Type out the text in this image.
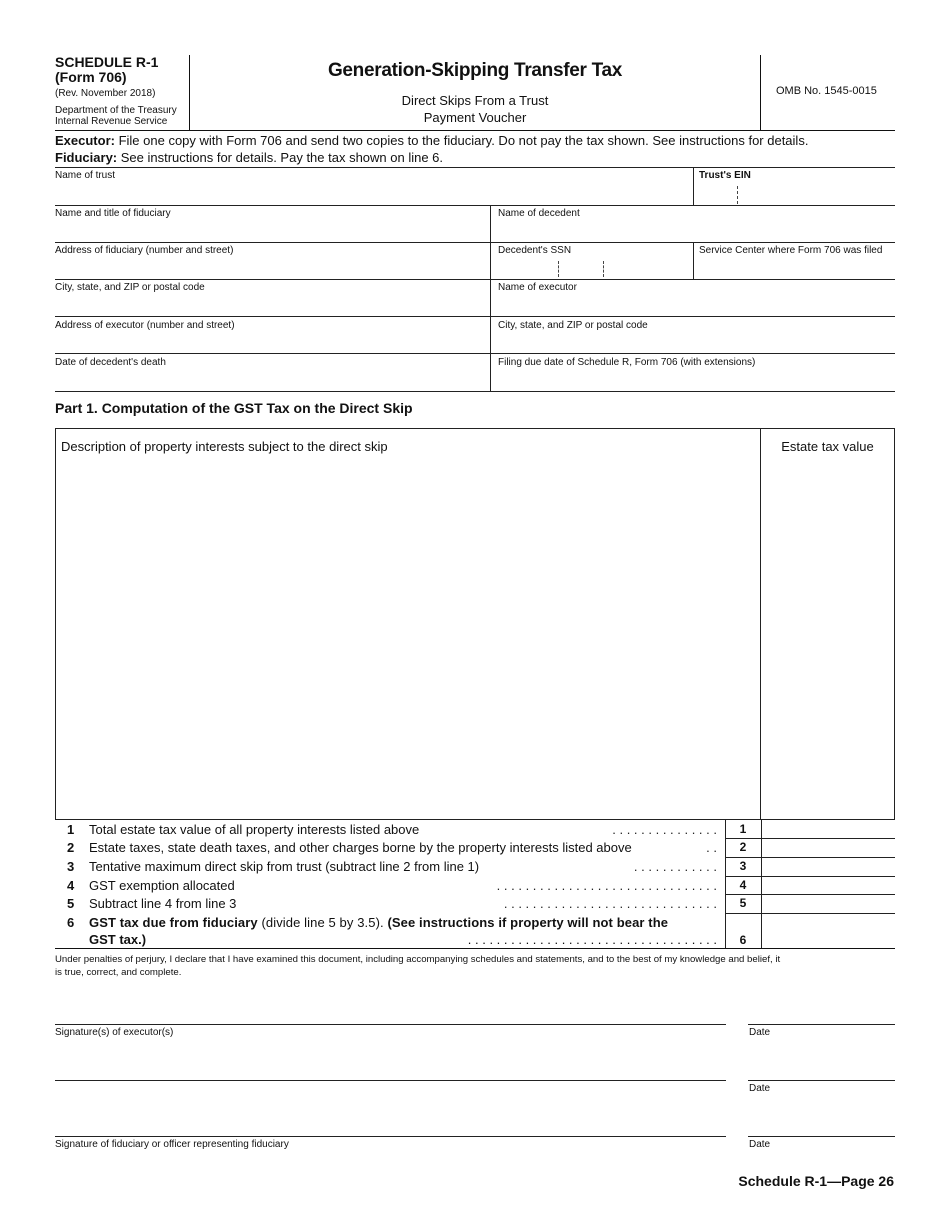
SCHEDULE R-1
(Form 706)
(Rev. November 2018)
Department of the Treasury
Internal Revenue Service
Generation-Skipping Transfer Tax
Direct Skips From a Trust
Payment Voucher
OMB No. 1545-0015
Executor: File one copy with Form 706 and send two copies to the fiduciary. Do not pay the tax shown. See instructions for details.
Fiduciary: See instructions for details. Pay the tax shown on line 6.
Name of trust	Trust's EIN
Name and title of fiduciary	Name of decedent
Address of fiduciary (number and street)	Decedent's SSN	Service Center where Form 706 was filed
City, state, and ZIP or postal code	Name of executor
Address of executor (number and street)	City, state, and ZIP or postal code
Date of decedent's death	Filing due date of Schedule R, Form 706 (with extensions)
Part 1. Computation of the GST Tax on the Direct Skip
Description of property interests subject to the direct skip	Estate tax value
1	Total estate tax value of all property interests listed above	. . . . . . . . . . . . . . .	1
2	Estate taxes, state death taxes, and other charges borne by the property interests listed above	. .	2
3	Tentative maximum direct skip from trust (subtract line 2 from line 1)	. . . . . . . . . . . .	3
4	GST exemption allocated	. . . . . . . . . . . . . . . . . . . . . . . . . . . . . . .	4
5	Subtract line 4 from line 3	. . . . . . . . . . . . . . . . . . . . . . . . . . . . . .	5
6 GST tax due from fiduciary (divide line 5 by 3.5). (See instructions if property will not bear the
GST tax.)	. . . . . . . . . . . . . . . . . . . . . . . . . . . . . . . . . . .	6
Under penalties of perjury, I declare that I have examined this document, including accompanying schedules and statements, and to the best of my knowledge and belief, it
is true, correct, and complete.
Signature(s) of executor(s)	Date
Date
Signature of fiduciary or officer representing fiduciary	Date
Schedule R-1—Page 26
